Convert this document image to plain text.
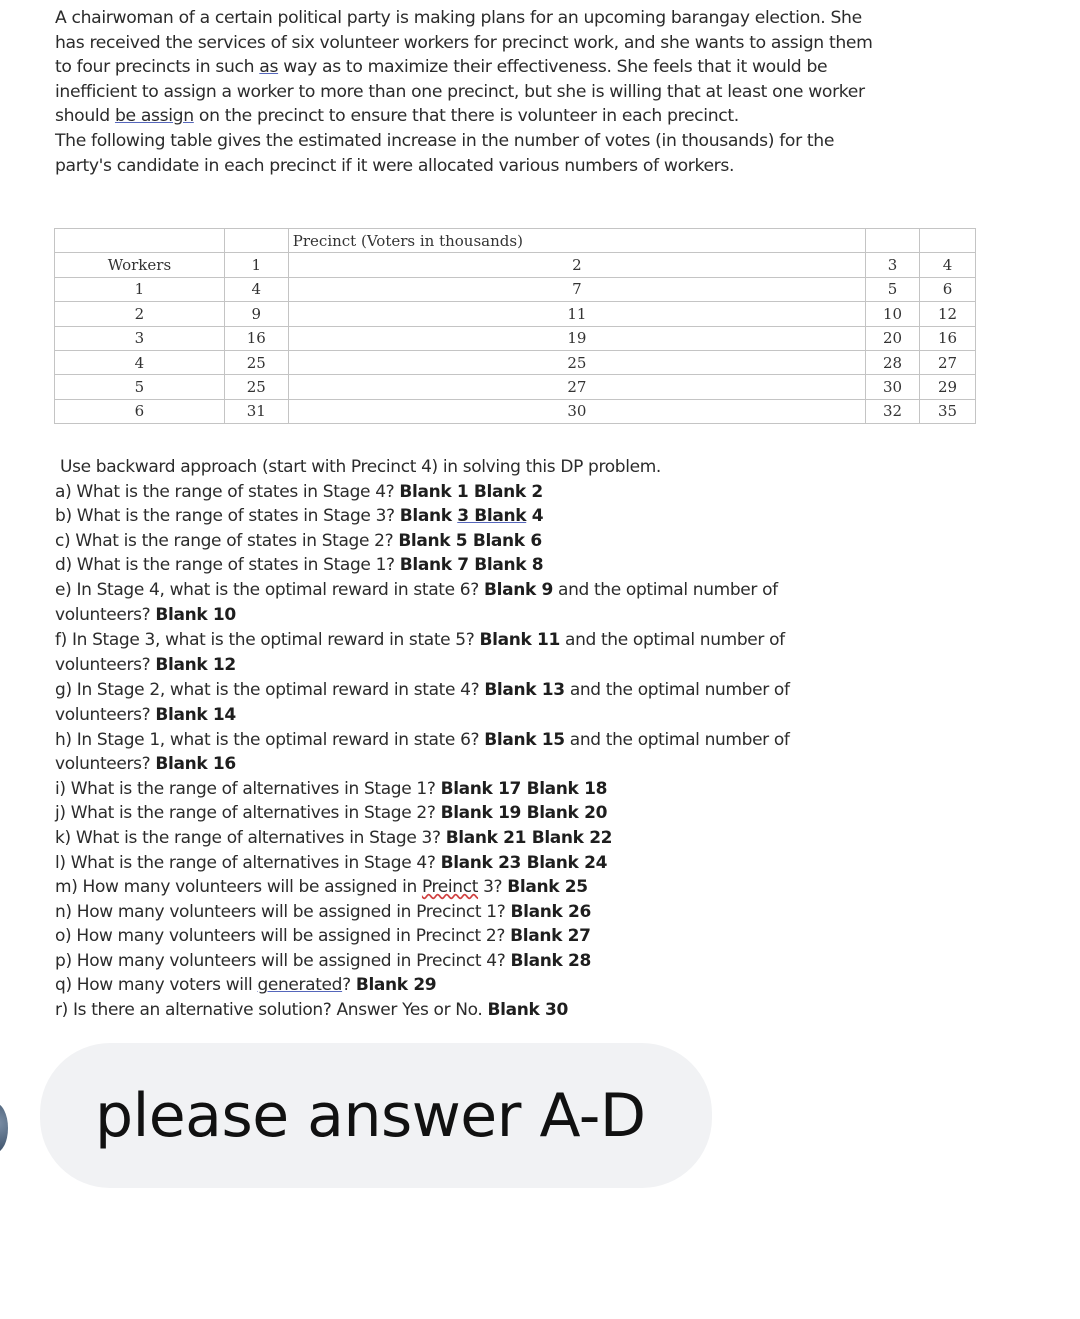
A chairwoman of a certain political party is making plans for an upcoming barangay election. She has received the services of six volunteer workers for precinct work, and she wants to assign them to four precincts in such as way as to maximize their effectiveness. She feels that it would be inefficient to assign a worker to more than one precinct, but she is willing that at least one worker should be assign on the precinct to ensure that there is volunteer in each precinct.

The following table gives the estimated increase in the number of votes (in thousands) for the party's candidate in each precinct if it were allocated various numbers of workers.

		Precinct (Voters in thousands)		
Workers	1	2	3	4
1	4	7	5	6
2	9	11	10	12
3	16	19	20	16
4	25	25	28	27
5	25	27	30	29
6	31	30	32	35

Use backward approach (start with Precinct 4) in solving this DP problem.

a) What is the range of states in Stage 4? Blank 1 Blank 2

b) What is the range of states in Stage 3? Blank 3 Blank 4

c) What is the range of states in Stage 2? Blank 5 Blank 6

d) What is the range of states in Stage 1? Blank 7 Blank 8

e) In Stage 4, what is the optimal reward in state 6? Blank 9 and the optimal number of volunteers? Blank 10

f) In Stage 3, what is the optimal reward in state 5? Blank 11 and the optimal number of volunteers? Blank 12

g) In Stage 2, what is the optimal reward in state 4? Blank 13 and the optimal number of volunteers? Blank 14

h) In Stage 1, what is the optimal reward in state 6? Blank 15 and the optimal number of volunteers? Blank 16

i) What is the range of alternatives in Stage 1? Blank 17 Blank 18

j) What is the range of alternatives in Stage 2? Blank 19 Blank 20

k) What is the range of alternatives in Stage 3? Blank 21 Blank 22

l) What is the range of alternatives in Stage 4? Blank 23 Blank 24

m) How many volunteers will be assigned in Preinct 3? Blank 25

n) How many volunteers will be assigned in Precinct 1? Blank 26

o) How many volunteers will be assigned in Precinct 2? Blank 27

p) How many volunteers will be assigned in Precinct 4? Blank 28

q) How many voters will generated? Blank 29

r) Is there an alternative solution? Answer Yes or No. Blank 30

please answer A-D
